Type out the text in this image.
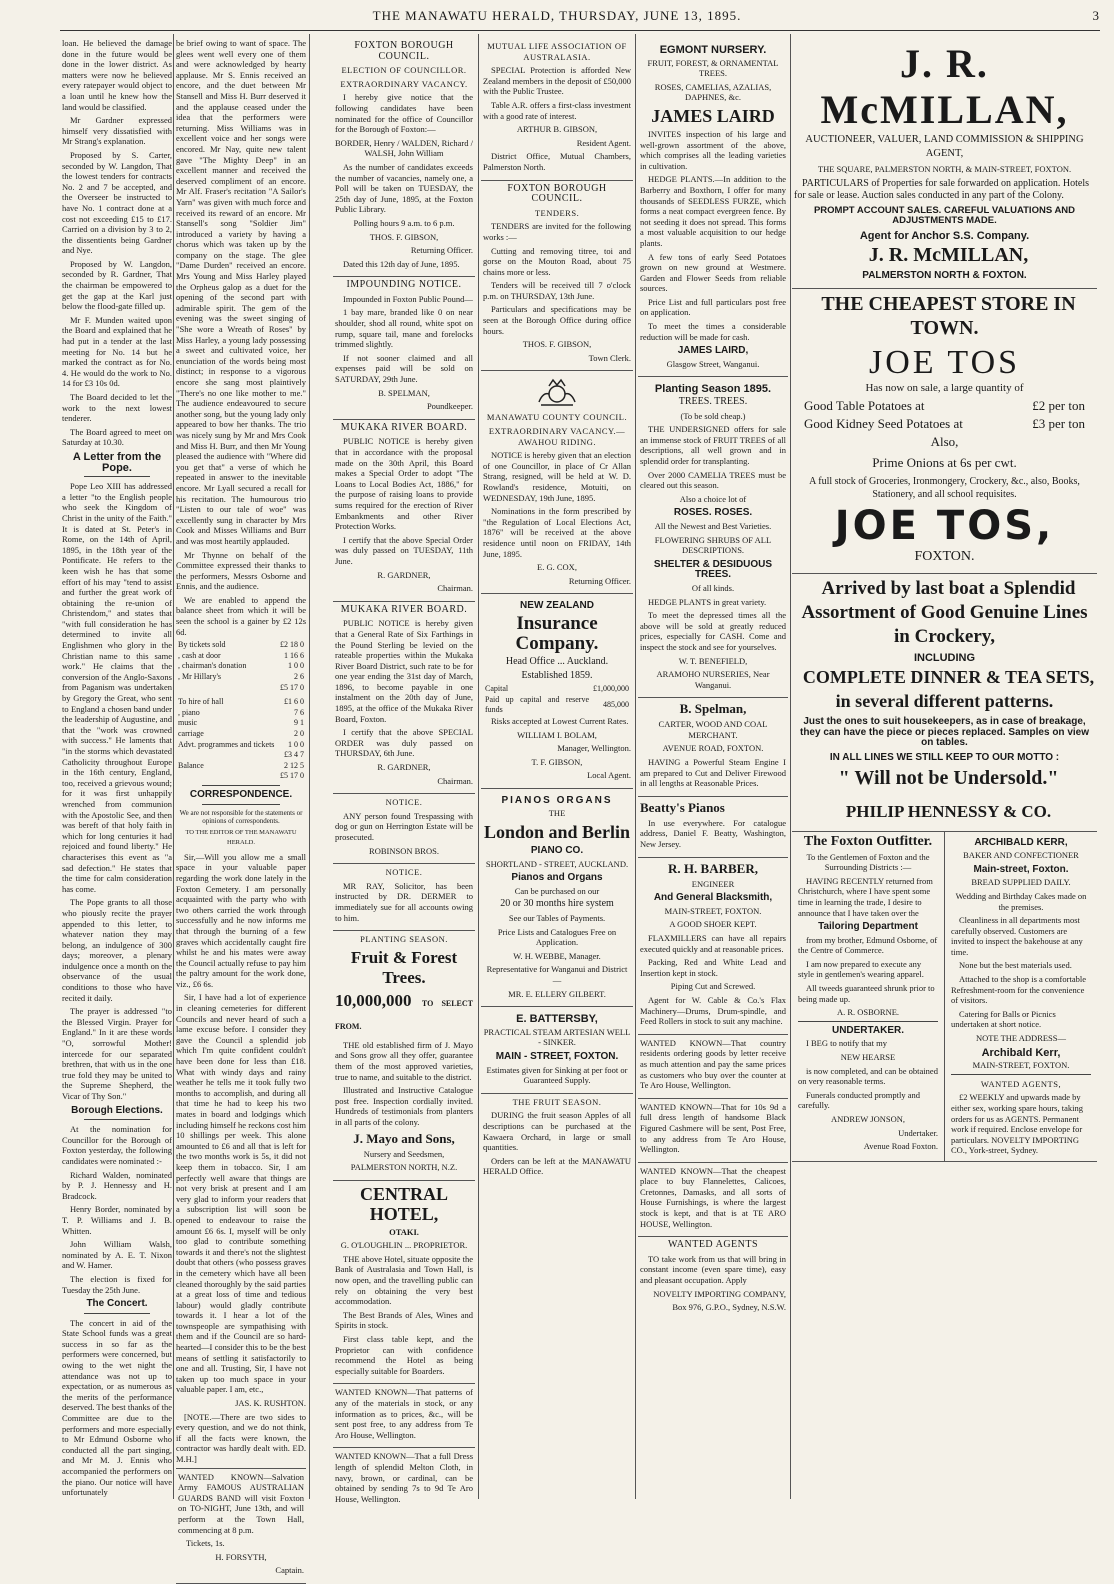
THE MANAWATU HERALD, THURSDAY, JUNE 13, 1895.	3

loan. He believed the damage done in the future would be done in the lower district. As matters were now he believed every ratepayer would object to a loan until he knew how the land would be classified.

Mr Gardner expressed himself very dissatisfied with Mr Strang's explanation.

Proposed by S. Carter, seconded by W. Langdon, That the lowest tenders for contracts No. 2 and 7 be accepted, and the Overseer be instructed to have No. 1 contract done at a cost not exceeding £15 to £17. Carried on a division by 3 to 2, the dissentients being Gardner and Nye.

Proposed by W. Langdon, seconded by R. Gardner, That the chairman be empowered to get the gap at the Karl just below the flood-gate filled up.

Mr F. Munden waited upon the Board and explained that he had put in a tender at the last meeting for No. 14 but he marked the contract as for No. 4. He would do the work to No. 14 for £3 10s 0d.

The Board decided to let the work to the next lowest tenderer.

The Board agreed to meet on Saturday at 10.30.

A Letter from the Pope.

Pope Leo XIII has addressed a letter "to the English people who seek the Kingdom of Christ in the unity of the Faith." It is dated at St. Peter's in Rome, on the 14th of April, 1895, in the 18th year of the Pontificate. He refers to the keen wish he has that some effort of his may "tend to assist and further the great work of obtaining the re-union of Christendom," and states that "with full consideration he has determined to invite all Englishmen who glory in the Christian name to this same work." He claims that the conversion of the Anglo-Saxons from Paganism was undertaken by Gregory the Great, who sent to England a chosen band under the leadership of Augustine, and that the "work was crowned with success." He laments that "in the storms which devastated Catholicity throughout Europe in the 16th century, England, too, received a grievous wound; for it was first unhappily wrenched from communion with the Apostolic See, and then was bereft of that holy faith in which for long centuries it had rejoiced and found liberty." He characterises this event as "a sad defection." He states that the time for calm consideration has come.

The Pope grants to all those who piously recite the prayer appended to this letter, to whatever nation they may belong, an indulgence of 300 days; moreover, a plenary indulgence once a month on the observance of the usual conditions to those who have recited it daily.

The prayer is addressed "to the Blessed Virgin. Prayer for England." In it are these words "O, sorrowful Mother! intercede for our separated brethren, that with us in the one true fold they may be united to the Supreme Shepherd, the Vicar of Thy Son."

Borough Elections.

At the nomination for Councillor for the Borough of Foxton yesterday, the following candidates were nominated :-

Richard Walden, nominated by P. J. Hennessy and H. Bradcock.

Henry Border, nominated by T. P. Williams and J. B. Whitten.

John William Walsh, nominated by A. E. T. Nixon and W. Hamer.

The election is fixed for Tuesday the 25th June.

The Concert.

The concert in aid of the State School funds was a great success in so far as the performers were concerned, but owing to the wet night the attendance was not up to expectation, or as numerous as the merits of the performance deserved. The best thanks of the Committee are due to the performers and more especially to Mr Edmund Osborne who conducted all the part singing, and Mr M. J. Ennis who accompanied the performers on the piano. Our notice will have unfortunately

be brief owing to want of space. The glees went well every one of them and were acknowledged by hearty applause. Mr S. Ennis received an encore, and the duet between Mr Stansell and Miss H. Burr deserved it and the applause ceased under the idea that the performers were returning. Miss Williams was in excellent voice and her songs were encored. Mr Nay, quite new talent gave "The Mighty Deep" in an excellent manner and received the deserved compliment of an encore. Mr Alf. Fraser's recitation "A Sailor's Yarn" was given with much force and received its reward of an encore. Mr Stansell's song "Soldier Jim" introduced a variety by having a chorus which was taken up by the company on the stage. The glee "Dame Durden" received an encore. Mrs Young and Miss Harley played the Orpheus galop as a duet for the opening of the second part with admirable spirit. The gem of the evening was the sweet singing of "She wore a Wreath of Roses" by Miss Harley, a young lady possessing a sweet and cultivated voice, her enunciation of the words being most distinct; in response to a vigorous encore she sang most plaintively "There's no one like mother to me." The audience endeavoured to secure another song, but the young lady only appeared to bow her thanks. The trio was nicely sung by Mr and Mrs Cook and Miss H. Burr, and then Mr Young pleased the audience with "Where did you get that" a verse of which he repeated in answer to the inevitable encore. Mr Lyall secured a recall for his recitation. The humourous trio "Listen to our tale of woe" was excellently sung in character by Mrs Cook and Misses Williams and Burr and was most heartily applauded.

Mr Thynne on behalf of the Committee expressed their thanks to the performers, Messrs Osborne and Ennis, and the audience.

We are enabled to append the balance sheet from which it will be seen the school is a gainer by £2 12s 6d.

By tickets sold	£2 18 0
, cash at door	1 16 6
, chairman's donation	1 0 0
, Mr Hillary's	2 6
	£5 17 0
To hire of hall	£1 6 0
, piano	7 6
music	9 1
carriage	2 0
Advt. programmes and tickets	1 0 0
	£3 4 7
Balance	2 12 5
	£5 17 0
CORRESPONDENCE.

We are not responsible for the statements or opinions of correspondents.

TO THE EDITOR OF THE MANAWATU HERALD.

Sir,—Will you allow me a small space in your valuable paper regarding the work done lately in the Foxton Cemetery. I am personally acquainted with the party who with two others carried the work through successfully and he now informs me that through the burning of a few graves which accidentally caught fire whilst he and his mates were away the Council actually refuse to pay him the paltry amount for the work done, viz., £6 6s.

Sir, I have had a lot of experience in cleaning cemeteries for different Councils and never heard of such a lame excuse before. I consider they gave the Council a splendid job which I'm quite confident couldn't have been done for less than £18. What with windy days and rainy weather he tells me it took fully two months to accomplish, and during all that time he had to keep his two mates in board and lodgings which including himself he reckons cost him 10 shillings per week. This alone amounted to £6 and all that is left for the two months work is 5s, it did not keep them in tobacco. Sir, I am perfectly well aware that things are not very brisk at present and I am very glad to inform your readers that a subscription list will soon be opened to endeavour to raise the amount £6 6s. I, myself will be only too glad to contribute something towards it and there's not the slightest doubt that others (who possess graves in the cemetery which have all been cleaned thoroughly by the said parties at a great loss of time and tedious labour) would gladly contribute towards it. I hear a lot of the townspeople are sympathising with them and if the Council are so hard-hearted—I consider this to be the best means of settling it satisfactorily to one and all. Trusting, Sir, I have not taken up too much space in your valuable paper. I am, etc.,

JAS. K. RUSHTON.

[NOTE.—There are two sides to every question, and we do not think, if all the facts were known, the contractor was hardly dealt with. ED. M.H.]

WANTED KNOWN—Salvation Army FAMOUS AUSTRALIAN GUARDS BAND will visit Foxton on TO-NIGHT, June 13th, and will perform at the Town Hall, commencing at 8 p.m.

Tickets, 1s.

H. FORSYTH,

Captain.

FOXTON BOROUGH COUNCIL.

ELECTION OF COUNCILLOR.

EXTRAORDINARY VACANCY.

I hereby give notice that the following candidates have been nominated for the office of Councillor for the Borough of Foxton:—

BORDER, Henry / WALDEN, Richard / WALSH, John William

As the number of candidates exceeds the number of vacancies, namely one, a Poll will be taken on TUESDAY, the 25th day of June, 1895, at the Foxton Public Library.

Polling hours 9 a.m. to 6 p.m.

THOS. F. GIBSON,

Returning Officer.

Dated this 12th day of June, 1895.

IMPOUNDING NOTICE.

Impounded in Foxton Public Pound—

1 bay mare, branded like 0 on near shoulder, shod all round, white spot on rump, square tail, mane and forelocks trimmed slightly.

If not sooner claimed and all expenses paid will be sold on SATURDAY, 29th June.

B. SPELMAN,

Poundkeeper.

MUKAKA RIVER BOARD.

PUBLIC NOTICE is hereby given that in accordance with the proposal made on the 30th April, this Board makes a Special Order to adopt "The Loans to Local Bodies Act, 1886," for the purpose of raising loans to provide sums required for the erection of River Embankments and other River Protection Works.

I certify that the above Special Order was duly passed on TUESDAY, 11th June.

R. GARDNER,

Chairman.

MUKAKA RIVER BOARD.

PUBLIC NOTICE is hereby given that a General Rate of Six Farthings in the Pound Sterling be levied on the rateable properties within the Mukaka River Board District, such rate to be for one year ending the 31st day of March, 1896, to become payable in one instalment on the 20th day of June, 1895, at the office of the Mukaka River Board, Foxton.

I certify that the above SPECIAL ORDER was duly passed on THURSDAY, 6th June.

R. GARDNER,

Chairman.

NOTICE.

ANY person found Trespassing with dog or gun on Herrington Estate will be prosecuted.

ROBINSON BROS.

NOTICE.

MR RAY, Solicitor, has been instructed by DR. DERMER to immediately sue for all accounts owing to him.

PLANTING SEASON.

Fruit & Forest Trees.

10,000,000 TO SELECT FROM.

THE old established firm of J. Mayo and Sons grow all they offer, guarantee them of the most approved varieties, true to name, and suitable to the district.

Illustrated and Instructive Catalogue post free. Inspection cordially invited. Hundreds of testimonials from planters in all parts of the colony.

J. Mayo and Sons,

Nursery and Seedsmen,

PALMERSTON NORTH, N.Z.

CENTRAL HOTEL,

OTAKI.

G. O'LOUGHLIN ... PROPRIETOR.

THE above Hotel, situate opposite the Bank of Australasia and Town Hall, is now open, and the travelling public can rely on obtaining the very best accommodation.

The Best Brands of Ales, Wines and Spirits in stock.

First class table kept, and the Proprietor can with confidence recommend the Hotel as being especially suitable for Boarders.

WANTED KNOWN—That patterns of any of the materials in stock, or any information as to prices, &c., will be sent post free, to any address from Te Aro House, Wellington.

WANTED KNOWN—That a full Dress length of splendid Melton Cloth, in navy, brown, or cardinal, can be obtained by sending 7s to 9d Te Aro House, Wellington.

MUTUAL LIFE ASSOCIATION OF AUSTRALASIA.

SPECIAL Protection is afforded New Zealand members in the deposit of £50,000 with the Public Trustee.

Table A.R. offers a first-class investment with a good rate of interest.

ARTHUR B. GIBSON,

Resident Agent.

District Office, Mutual Chambers, Palmerston North.

FOXTON BOROUGH COUNCIL.

TENDERS.

TENDERS are invited for the following works :—

Cutting and removing titree, toi and gorse on the Mouton Road, about 75 chains more or less.

Tenders will be received till 7 o'clock p.m. on THURSDAY, 13th June.

Particulars and specifications may be seen at the Borough Office during office hours.

THOS. F. GIBSON,

Town Clerk.

MANAWATU COUNTY COUNCIL.

EXTRAORDINARY VACANCY.— AWAHOU RIDING.

NOTICE is hereby given that an election of one Councillor, in place of Cr Allan Strang, resigned, will be held at W. D. Rowland's residence, Motuiti, on WEDNESDAY, 19th June, 1895.

Nominations in the form prescribed by "the Regulation of Local Elections Act, 1876" will be received at the above residence until noon on FRIDAY, 14th June, 1895.

E. G. COX,

Returning Officer.

NEW ZEALAND

Insurance Company.

Head Office ... Auckland.

Established 1859.

Capital	£1,000,000
Paid up capital and reserve funds	485,000

Risks accepted at Lowest Current Rates.

WILLIAM I. BOLAM,

Manager, Wellington.

T. F. GIBSON,

Local Agent.

PIANOS ORGANS

THE

London and Berlin

PIANO CO.

SHORTLAND - STREET, AUCKLAND.

Pianos and Organs

Can be purchased on our

20 or 30 months hire system

See our Tables of Payments.

Price Lists and Catalogues Free on Application.

W. H. WEBBE, Manager.

Representative for Wanganui and District—

MR. E. ELLERY GILBERT.

E. BATTERSBY,

PRACTICAL STEAM ARTESIAN WELL - SINKER.

MAIN - STREET, FOXTON.

Estimates given for Sinking at per foot or Guaranteed Supply.

THE FRUIT SEASON.

DURING the fruit season Apples of all descriptions can be purchased at the Kawaera Orchard, in large or small quantities.

Orders can be left at the MANAWATU HERALD Office.

EGMONT NURSERY.

FRUIT, FOREST, & ORNAMENTAL TREES.

ROSES, CAMELIAS, AZALIAS, DAPHNES, &c.

JAMES LAIRD

INVITES inspection of his large and well-grown assortment of the above, which comprises all the leading varieties in cultivation.

HEDGE PLANTS.—In addition to the Barberry and Boxthorn, I offer for many thousands of SEEDLESS FURZE, which forms a neat compact evergreen fence. By not seeding it does not spread. This forms a most valuable acquisition to our hedge plants.

A few tons of early Seed Potatoes grown on new ground at Westmere. Garden and Flower Seeds from reliable sources.

Price List and full particulars post free on application.

To meet the times a considerable reduction will be made for cash.

JAMES LAIRD,

Glasgow Street, Wanganui.

Planting Season 1895.

TREES. TREES.

(To be sold cheap.)

THE UNDERSIGNED offers for sale an immense stock of FRUIT TREES of all descriptions, all well grown and in splendid order for transplanting.

Over 2000 CAMELIA TREES must be cleared out this season.

Also a choice lot of

ROSES. ROSES.

All the Newest and Best Varieties.

FLOWERING SHRUBS OF ALL DESCRIPTIONS.

SHELTER & DESIDUOUS TREES.

Of all kinds.

HEDGE PLANTS in great variety.

To meet the depressed times all the above will be sold at greatly reduced prices, especially for CASH. Come and inspect the stock and see for yourselves.

W. T. BENEFIELD,

ARAMOHO NURSERIES, Near Wanganui.

B. Spelman,

CARTER, WOOD AND COAL MERCHANT.

AVENUE ROAD, FOXTON.

HAVING a Powerful Steam Engine I am prepared to Cut and Deliver Firewood in all lengths at Reasonable Prices.

Beatty's Pianos

In use everywhere. For catalogue address, Daniel F. Beatty, Washington, New Jersey.

R. H. BARBER,

ENGINEER

And General Blacksmith,

MAIN-STREET, FOXTON.

A GOOD SHOER KEPT.

FLAXMILLERS can have all repairs executed quickly and at reasonable prices.

Packing, Red and White Lead and Insertion kept in stock.

Piping Cut and Screwed.

Agent for W. Cable & Co.'s Flax Machinery—Drums, Drum-spindle, and Feed Rollers in stock to suit any machine.

WANTED KNOWN—That country residents ordering goods by letter receive as much attention and pay the same prices as customers who buy over the counter at Te Aro House, Wellington.

WANTED KNOWN—That for 10s 9d a full dress length of handsome Black Figured Cashmere will be sent, Post Free, to any address from Te Aro House, Wellington.

WANTED KNOWN—That the cheapest place to buy Flannelettes, Calicoes, Cretonnes, Damasks, and all sorts of House Furnishings, is where the largest stock is kept, and that is at TE ARO HOUSE, Wellington.

WANTED AGENTS

TO take work from us that will bring in constant income (even spare time), easy and pleasant occupation. Apply

NOVELTY IMPORTING COMPANY,

Box 976, G.P.O., Sydney, N.S.W.

J. R. McMILLAN,

AUCTIONEER, VALUER, LAND COMMISSION & SHIPPING AGENT,

THE SQUARE, PALMERSTON NORTH, & MAIN-STREET, FOXTON.

PARTICULARS of Properties for sale forwarded on application. Hotels for sale or lease. Auction sales conducted in any part of the Colony.

PROMPT ACCOUNT SALES. CAREFUL VALUATIONS AND ADJUSTMENTS MADE.

Agent for Anchor S.S. Company.

J. R. McMILLAN,

PALMERSTON NORTH & FOXTON.

THE CHEAPEST STORE IN TOWN.

JOE TOS

Has now on sale, a large quantity of

Good Table Potatoes at	£2 per ton
Good Kidney Seed Potatoes at	£3 per ton

Also,

Prime Onions at 6s per cwt.

A full stock of Groceries, Ironmongery, Crockery, &c., also, Books, Stationery, and all school requisites.

JOE TOS,

FOXTON.

Arrived by last boat a Splendid Assortment of Good Genuine Lines in Crockery,

INCLUDING

COMPLETE DINNER & TEA SETS, in several different patterns.

Just the ones to suit housekeepers, as in case of breakage, they can have the piece or pieces replaced. Samples on view on tables.

IN ALL LINES WE STILL KEEP TO OUR MOTTO :

" Will not be Undersold."

PHILIP HENNESSY & CO.

The Foxton Outfitter.

To the Gentlemen of Foxton and the Surrounding Districts :—

HAVING RECENTLY returned from Christchurch, where I have spent some time in learning the trade, I desire to announce that I have taken over the

Tailoring Department

from my brother, Edmund Osborne, of the Centre of Commerce.

I am now prepared to execute any style in gentlemen's wearing apparel.

All tweeds guaranteed shrunk prior to being made up.

A. R. OSBORNE.

UNDERTAKER.

I BEG to notify that my

NEW HEARSE

is now completed, and can be obtained on very reasonable terms.

Funerals conducted promptly and carefully.

ANDREW JONSON,

Undertaker.

Avenue Road Foxton.

ARCHIBALD KERR,

BAKER AND CONFECTIONER

Main-street, Foxton.

BREAD SUPPLIED DAILY.

Wedding and Birthday Cakes made on the premises.

Cleanliness in all departments most carefully observed. Customers are invited to inspect the bakehouse at any time.

None but the best materials used.

Attached to the shop is a comfortable Refreshment-room for the convenience of visitors.

Catering for Balls or Picnics undertaken at short notice.

NOTE THE ADDRESS—

Archibald Kerr,

MAIN-STREET, FOXTON.

WANTED AGENTS,

£2 WEEKLY and upwards made by either sex, working spare hours, taking orders for us as AGENTS. Permanent work if required. Enclose envelope for particulars. NOVELTY IMPORTING CO., York-street, Sydney.
